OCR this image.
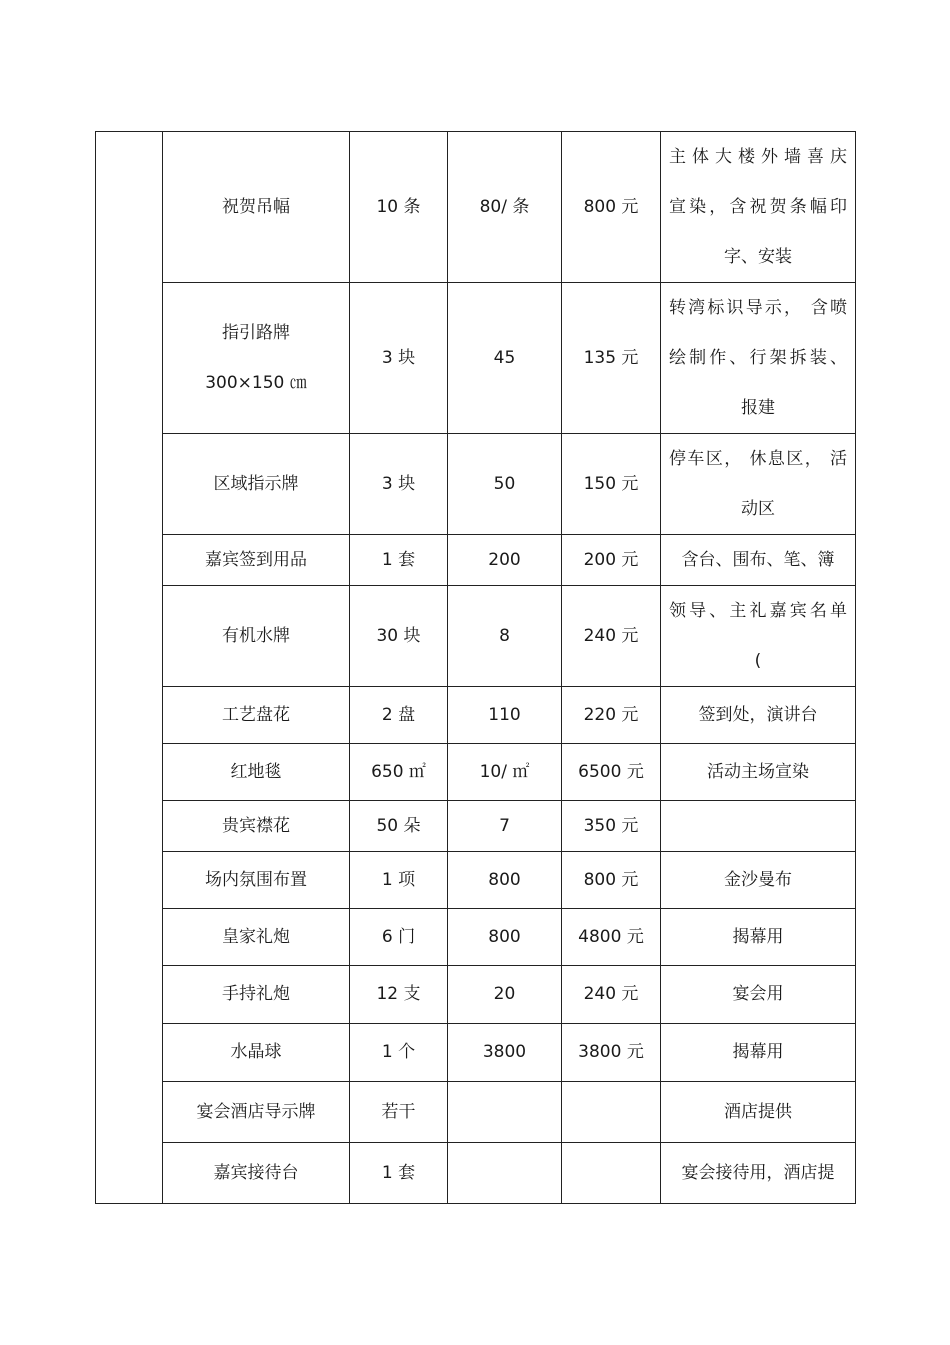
	祝贺吊幅	10 条	80/ 条	800 元	主体大楼外墙喜庆
宣染，含祝贺条幅印
字、安装

	指引路牌
300×150 ㎝	3 块	45	135 元	转湾标识导示， 含喷
绘制作、行架拆装、
报建

	区域指示牌	3 块	50	150 元	停车区， 休息区， 活
动区

	嘉宾签到用品	1 套	200	200 元	含台、围布、笔、簿

	有机水牌	30 块	8	240 元	领导、主礼嘉宾名单
(

	工艺盘花	2 盘	110	220 元	签到处，演讲台

	红地毯	650 ㎡	10/ ㎡	6500 元	活动主场宣染

	贵宾襟花	50 朵	7	350 元	

	场内氛围布置	1 项	800	800 元	金沙曼布

	皇家礼炮	6 门	800	4800 元	揭幕用

	手持礼炮	12 支	20	240 元	宴会用

	水晶球	1 个	3800	3800 元	揭幕用

	宴会酒店导示牌	若干			酒店提供

	嘉宾接待台	1 套			宴会接待用，酒店提
